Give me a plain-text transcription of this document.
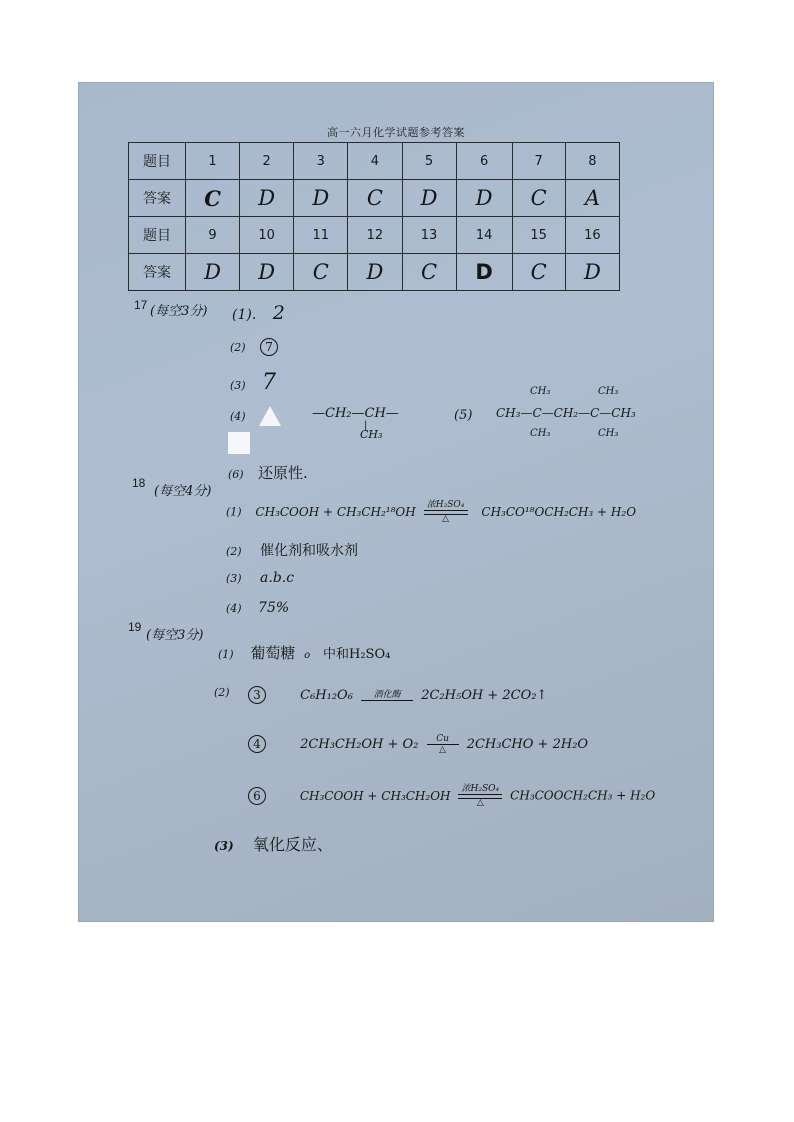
高一六月化学试题参考答案
题目	1	2	3	4	5	6	7	8
答案	C	D	D	C	D	D	C	A
题目	9	10	11	12	13	14	15	16
答案	D	D	C	D	C	D	C	D
17 (每空3分) (1). 2
(2) 7
(3) 7
(4)	—CH₂—CH—
|
CH₃
(5) CH₃—C—CH₂—C—CH₃
CH₃
CH₃
CH₃
CH₃
(6) 还原性.
18
(每空4分)
(1) CH₃COOH + CH₃CH₂¹⁸OH	浓H₂SO₄
△
CH₃CO¹⁸OCH₂CH₃ + H₂O
(2) 催化剂和吸水剂
(3) a.b.c
(4) 75%
19
(每空3分)
(1) 葡萄糖 o 中和H₂SO₄
(2)	3	C₆H₁₂O₆	酒化酶	2C₂H₅OH + 2CO₂↑
4	2CH₃CH₂OH + O₂	Cu
△	2CH₃CHO + 2H₂O
6	CH₃COOH + CH₃CH₂OH	浓H₂SO₄
△
CH₃COOCH₂CH₃ + H₂O
(3) 氧化反应、
